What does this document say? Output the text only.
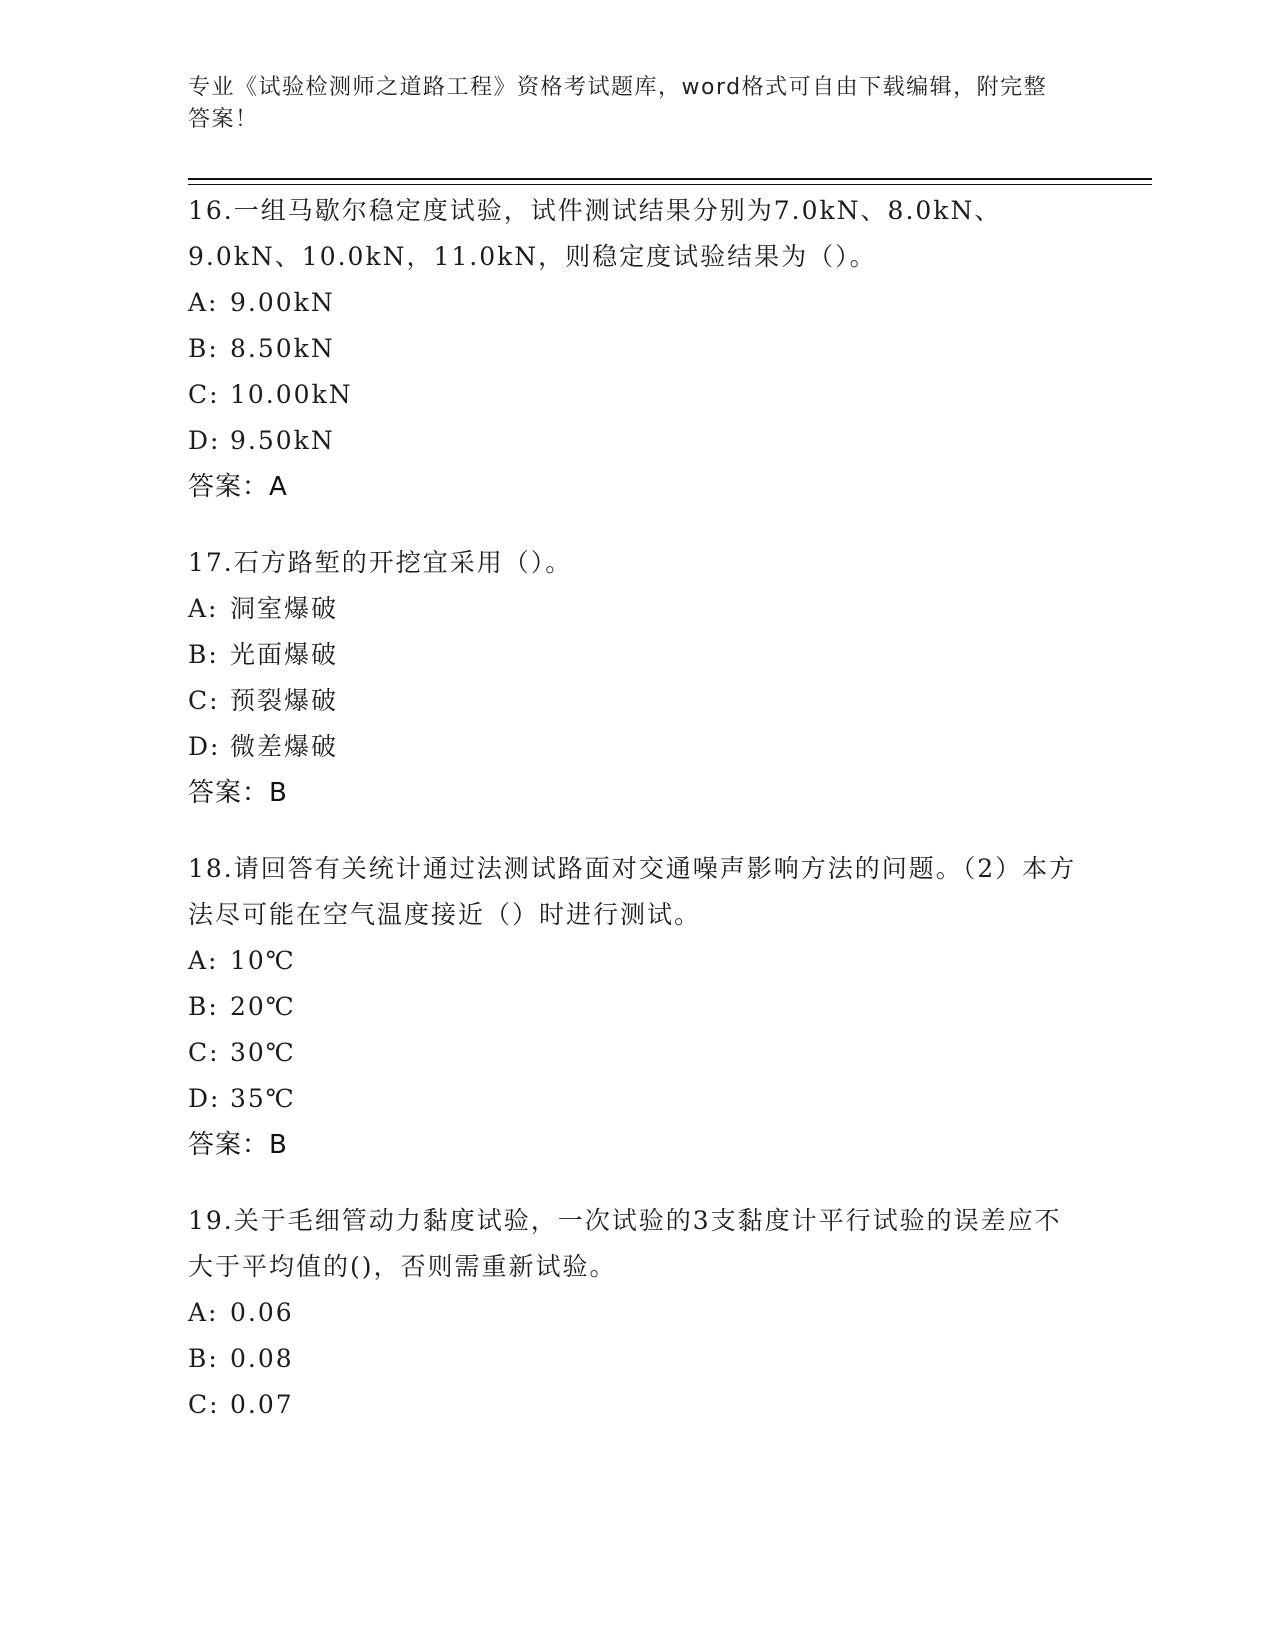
专业《试验检测师之道路工程》资格考试题库，word格式可自由下载编辑，附完整答案！

16.一组马歇尔稳定度试验，试件测试结果分别为7.0kN、8.0kN、9.0kN、10.0kN，11.0kN，则稳定度试验结果为（）。

A: 9.00kN

B: 8.50kN

C: 10.00kN

D: 9.50kN

答案：A

17.石方路堑的开挖宜采用（）。

A: 洞室爆破

B: 光面爆破

C: 预裂爆破

D: 微差爆破

答案：B

18.请回答有关统计通过法测试路面对交通噪声影响方法的问题。（2）本方法尽可能在空气温度接近（）时进行测试。

A: 10℃

B: 20℃

C: 30℃

D: 35℃

答案：B

19.关于毛细管动力黏度试验，一次试验的3支黏度计平行试验的误差应不大于平均值的()，否则需重新试验。

A: 0.06

B: 0.08

C: 0.07
